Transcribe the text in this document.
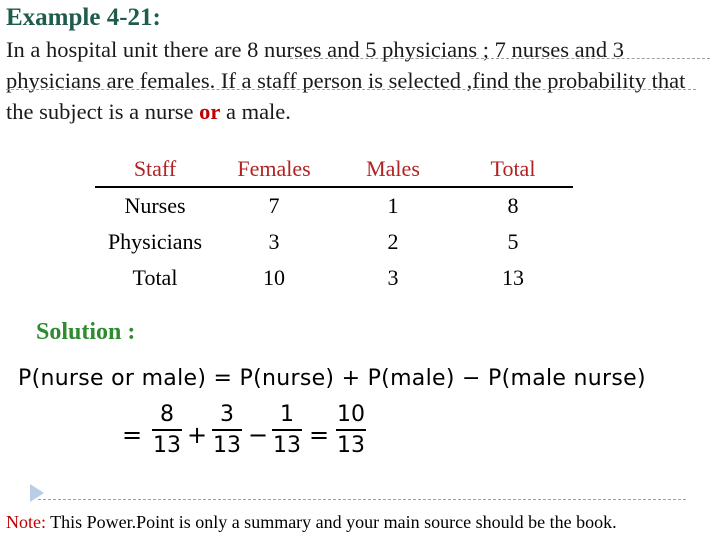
Example 4-21:
In a hospital unit there are 8 nurses and 5 physicians ; 7 nurses and 3 physicians are females. If a staff person is selected ,find the probability that the subject is a nurse or a male.
Staff	Females	Males	Total
Nurses	7	1	8
Physicians	3	2	5
Total	10	3	13
Solution :
P(nurse or male) = P(nurse) + P(male) − P(male nurse)
= $\frac{8}{13} + \frac{3}{13} - \frac{1}{13} = \frac{10}{13}$
Note: This Power.Point is only a summary and your main source should be the book.
